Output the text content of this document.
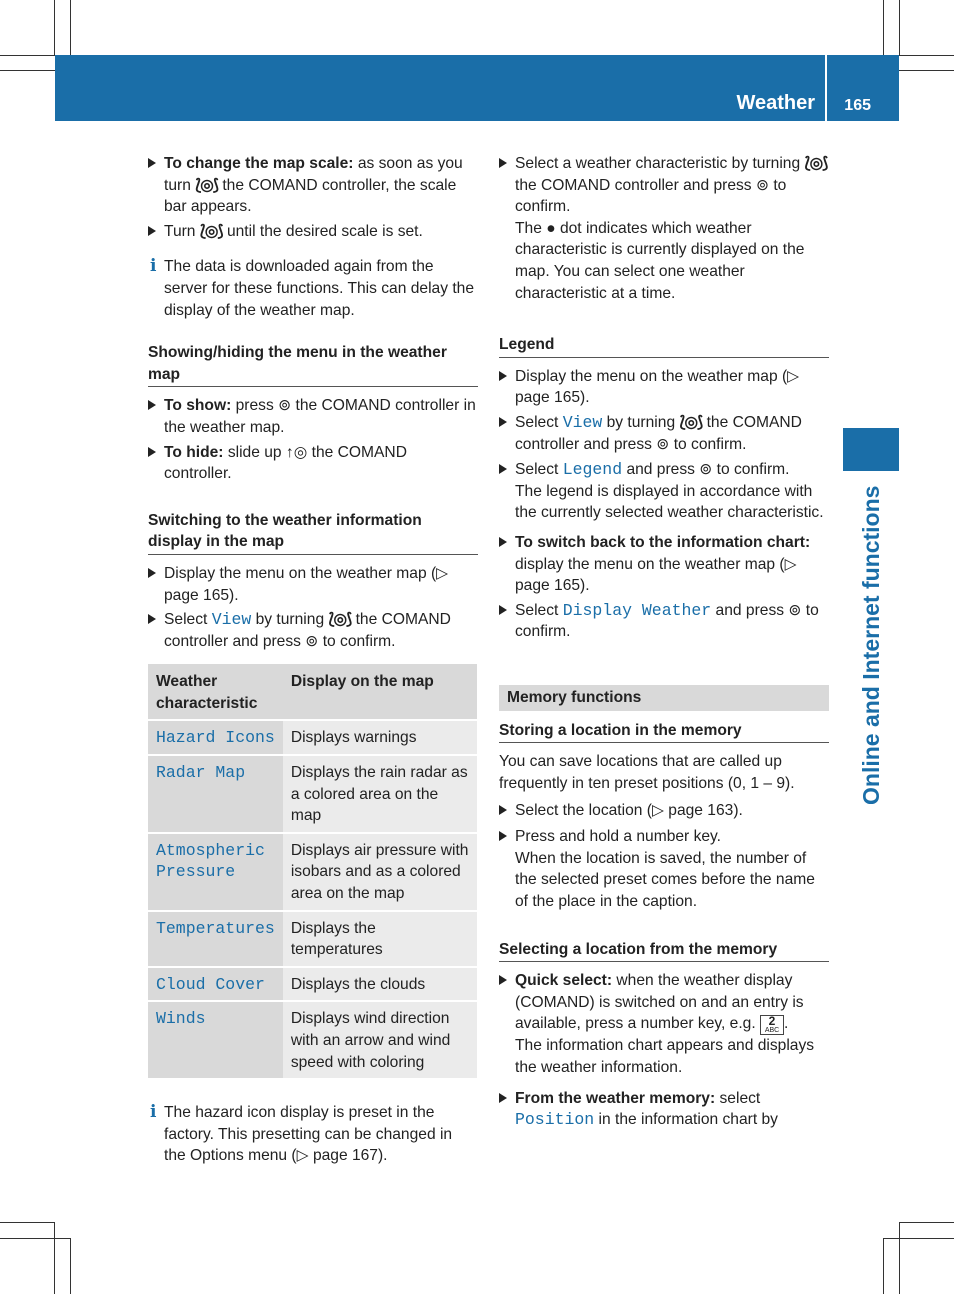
Weather 165
Online and Internet functions
To change the map scale: as soon as you turn ⟅◎⟆ the COMAND controller, the scale bar appears.
Turn ⟅◎⟆ until the desired scale is set.
i The data is downloaded again from the server for these functions. This can delay the display of the weather map.
Showing/hiding the menu in the weather map
To show: press ⊚ the COMAND controller in the weather map.
To hide: slide up ↑◎ the COMAND controller.
Switching to the weather information display in the map
Display the menu on the weather map (▷ page 165).
Select View by turning ⟅◎⟆ the COMAND controller and press ⊚ to confirm.
Weather characteristic	Display on the map
Hazard Icons	Displays warnings
Radar Map	Displays the rain radar as a colored area on the map
Atmospheric Pressure	Displays air pressure with isobars and as a colored area on the map
Temperatures	Displays the temperatures
Cloud Cover	Displays the clouds
Winds	Displays wind direction with an arrow and wind speed with coloring
i The hazard icon display is preset in the factory. This presetting can be changed in the Options menu (▷ page 167).
Select a weather characteristic by turning ⟅◎⟆ the COMAND controller and press ⊚ to confirm.
The ● dot indicates which weather characteristic is currently displayed on the map. You can select one weather characteristic at a time.
Legend
Display the menu on the weather map (▷ page 165).
Select View by turning ⟅◎⟆ the COMAND controller and press ⊚ to confirm.
Select Legend and press ⊚ to confirm.
The legend is displayed in accordance with the currently selected weather characteristic.
To switch back to the information chart: display the menu on the weather map (▷ page 165).
Select Display Weather and press ⊚ to confirm.
Memory functions
Storing a location in the memory
You can save locations that are called up frequently in ten preset positions (0, 1 – 9).
Select the location (▷ page 163).
Press and hold a number key.
When the location is saved, the number of the selected preset comes before the name of the place in the caption.
Selecting a location from the memory
Quick select: when the weather display (COMAND) is switched on and an entry is available, press a number key, e.g. 2
ABC .
The information chart appears and displays the weather information.
From the weather memory: select
Position in the information chart by
